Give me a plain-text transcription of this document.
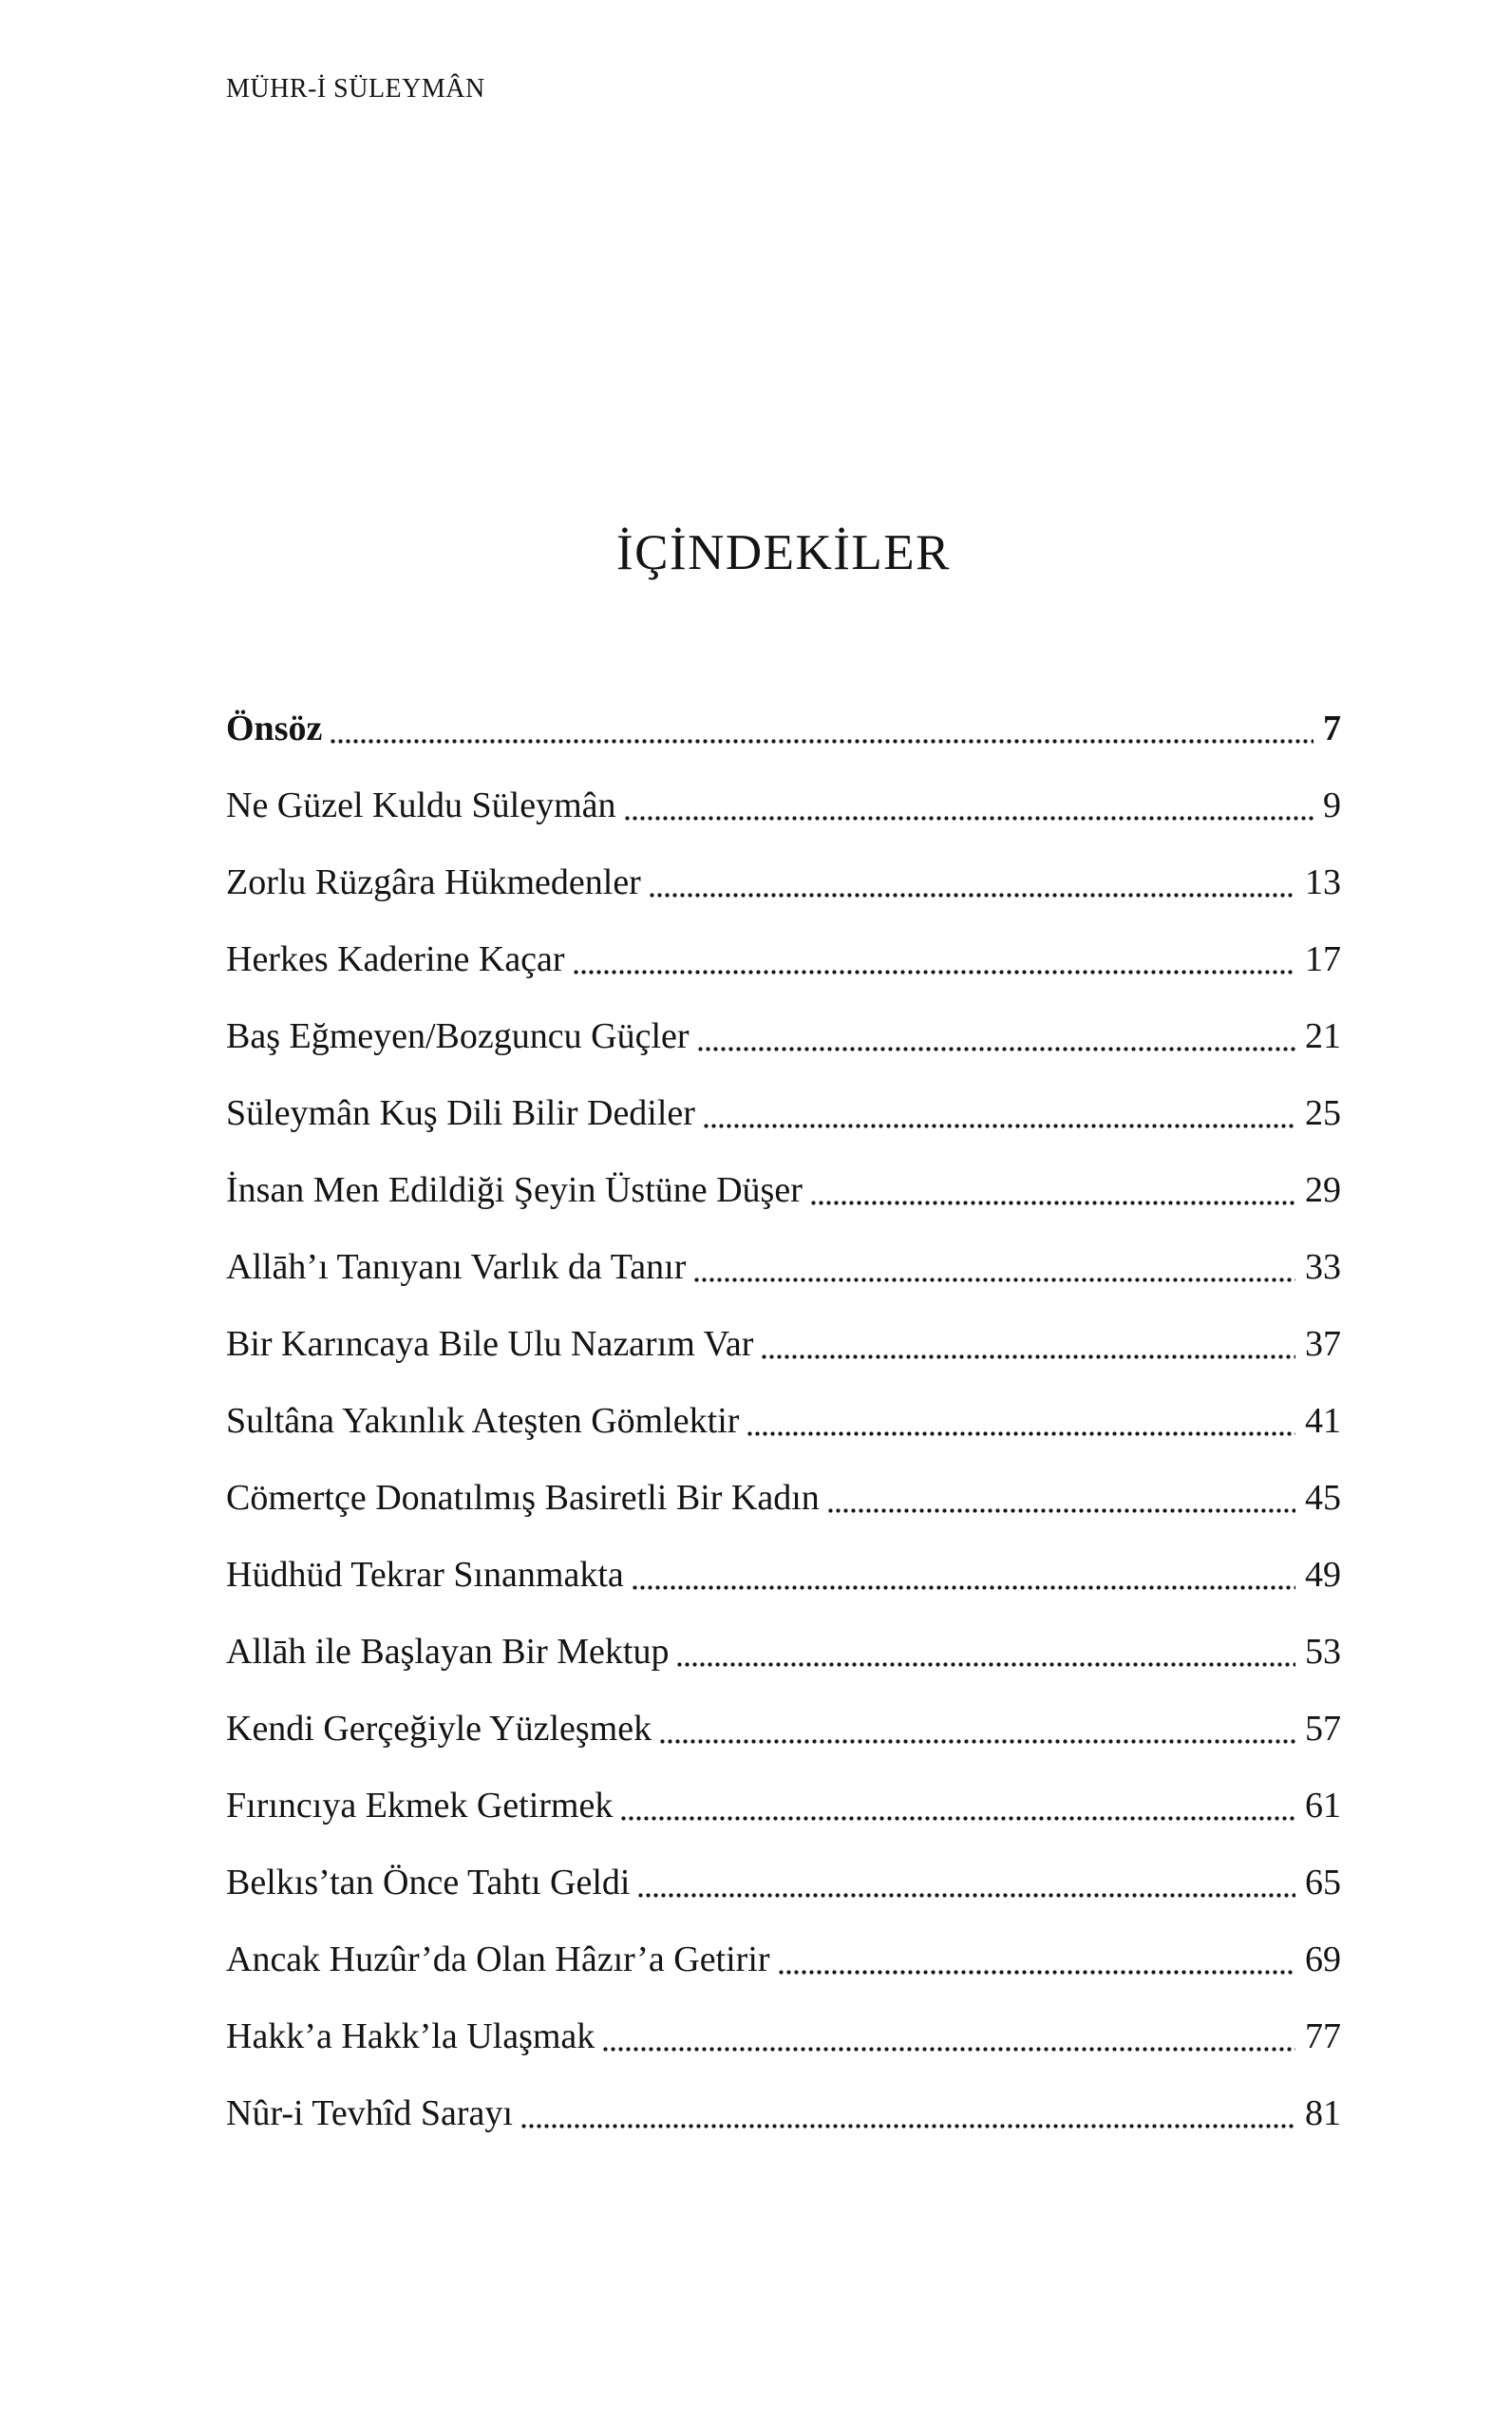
MÜHR-İ SÜLEYMÂN
İÇİNDEKİLER
Önsöz	7
Ne Güzel Kuldu Süleymân	9
Zorlu Rüzgâra Hükmedenler	13
Herkes Kaderine Kaçar	17
Baş Eğmeyen/Bozguncu Güçler	21
Süleymân Kuş Dili Bilir Dediler	25
İnsan Men Edildiği Şeyin Üstüne Düşer	29
Allāh’ı Tanıyanı Varlık da Tanır	33
Bir Karıncaya Bile Ulu Nazarım Var	37
Sultâna Yakınlık Ateşten Gömlektir	41
Cömertçe Donatılmış Basiretli Bir Kadın	45
Hüdhüd Tekrar Sınanmakta	49
Allāh ile Başlayan Bir Mektup	53
Kendi Gerçeğiyle Yüzleşmek	57
Fırıncıya Ekmek Getirmek	61
Belkıs’tan Önce Tahtı Geldi	65
Ancak Huzûr’da Olan Hâzır’a Getirir	69
Hakk’a Hakk’la Ulaşmak	77
Nûr-i Tevhîd Sarayı	81
